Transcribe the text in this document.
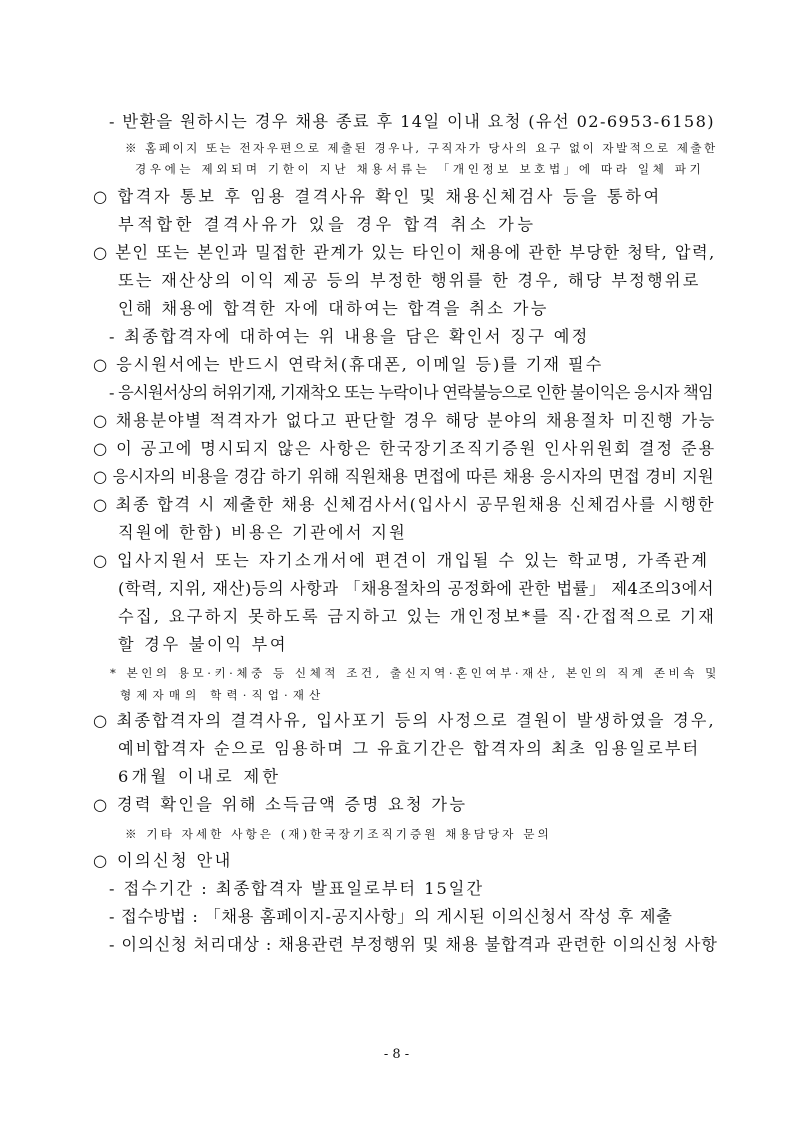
- 반환을 원하시는 경우 채용 종료 후 14일 이내 요청 (유선 02-6953-6158)
※ 홈페이지 또는 전자우편으로 제출된 경우나, 구직자가 당사의 요구 없이 자발적으로 제출한
경우에는 제외되며 기한이 지난 채용서류는 「개인정보 보호법」에 따라 일체 파기
○ 합격자 통보 후 임용 결격사유 확인 및 채용신체검사 등을 통하여
부적합한 결격사유가 있을 경우 합격 취소 가능
○ 본인 또는 본인과 밀접한 관계가 있는 타인이 채용에 관한 부당한 청탁, 압력,
또는 재산상의 이익 제공 등의 부정한 행위를 한 경우, 해당 부정행위로
인해 채용에 합격한 자에 대하여는 합격을 취소 가능
- 최종합격자에 대하여는 위 내용을 담은 확인서 징구 예정
○ 응시원서에는 반드시 연락처(휴대폰, 이메일 등)를 기재 필수
- 응시원서상의 허위기재, 기재착오 또는 누락이나 연락불능으로 인한 불이익은 응시자 책임
○ 채용분야별 적격자가 없다고 판단할 경우 해당 분야의 채용절차 미진행 가능
○ 이 공고에 명시되지 않은 사항은 한국장기조직기증원 인사위원회 결정 준용
○ 응시자의 비용을 경감 하기 위해 직원채용 면접에 따른 채용 응시자의 면접 경비 지원
○ 최종 합격 시 제출한 채용 신체검사서(입사시 공무원채용 신체검사를 시행한
직원에 한함) 비용은 기관에서 지원
○ 입사지원서 또는 자기소개서에 편견이 개입될 수 있는 학교명, 가족관계
(학력, 지위, 재산)등의 사항과 「채용절차의 공정화에 관한 법률」 제4조의3에서
수집, 요구하지 못하도록 금지하고 있는 개인정보*를 직·간접적으로 기재
할 경우 불이익 부여
* 본인의 용모·키·체중 등 신체적 조건, 출신지역·혼인여부·재산, 본인의 직계 존비속 및
형제자매의 학력·직업·재산
○ 최종합격자의 결격사유, 입사포기 등의 사정으로 결원이 발생하였을 경우,
예비합격자 순으로 임용하며 그 유효기간은 합격자의 최초 임용일로부터
6개월 이내로 제한
○ 경력 확인을 위해 소득금액 증명 요청 가능
※ 기타 자세한 사항은 (재)한국장기조직기증원 채용담당자 문의
○ 이의신청 안내
- 접수기간 : 최종합격자 발표일로부터 15일간
- 접수방법 : 「채용 홈페이지-공지사항」의 게시된 이의신청서 작성 후 제출
- 이의신청 처리대상 : 채용관련 부정행위 및 채용 불합격과 관련한 이의신청 사항
- 8 -
